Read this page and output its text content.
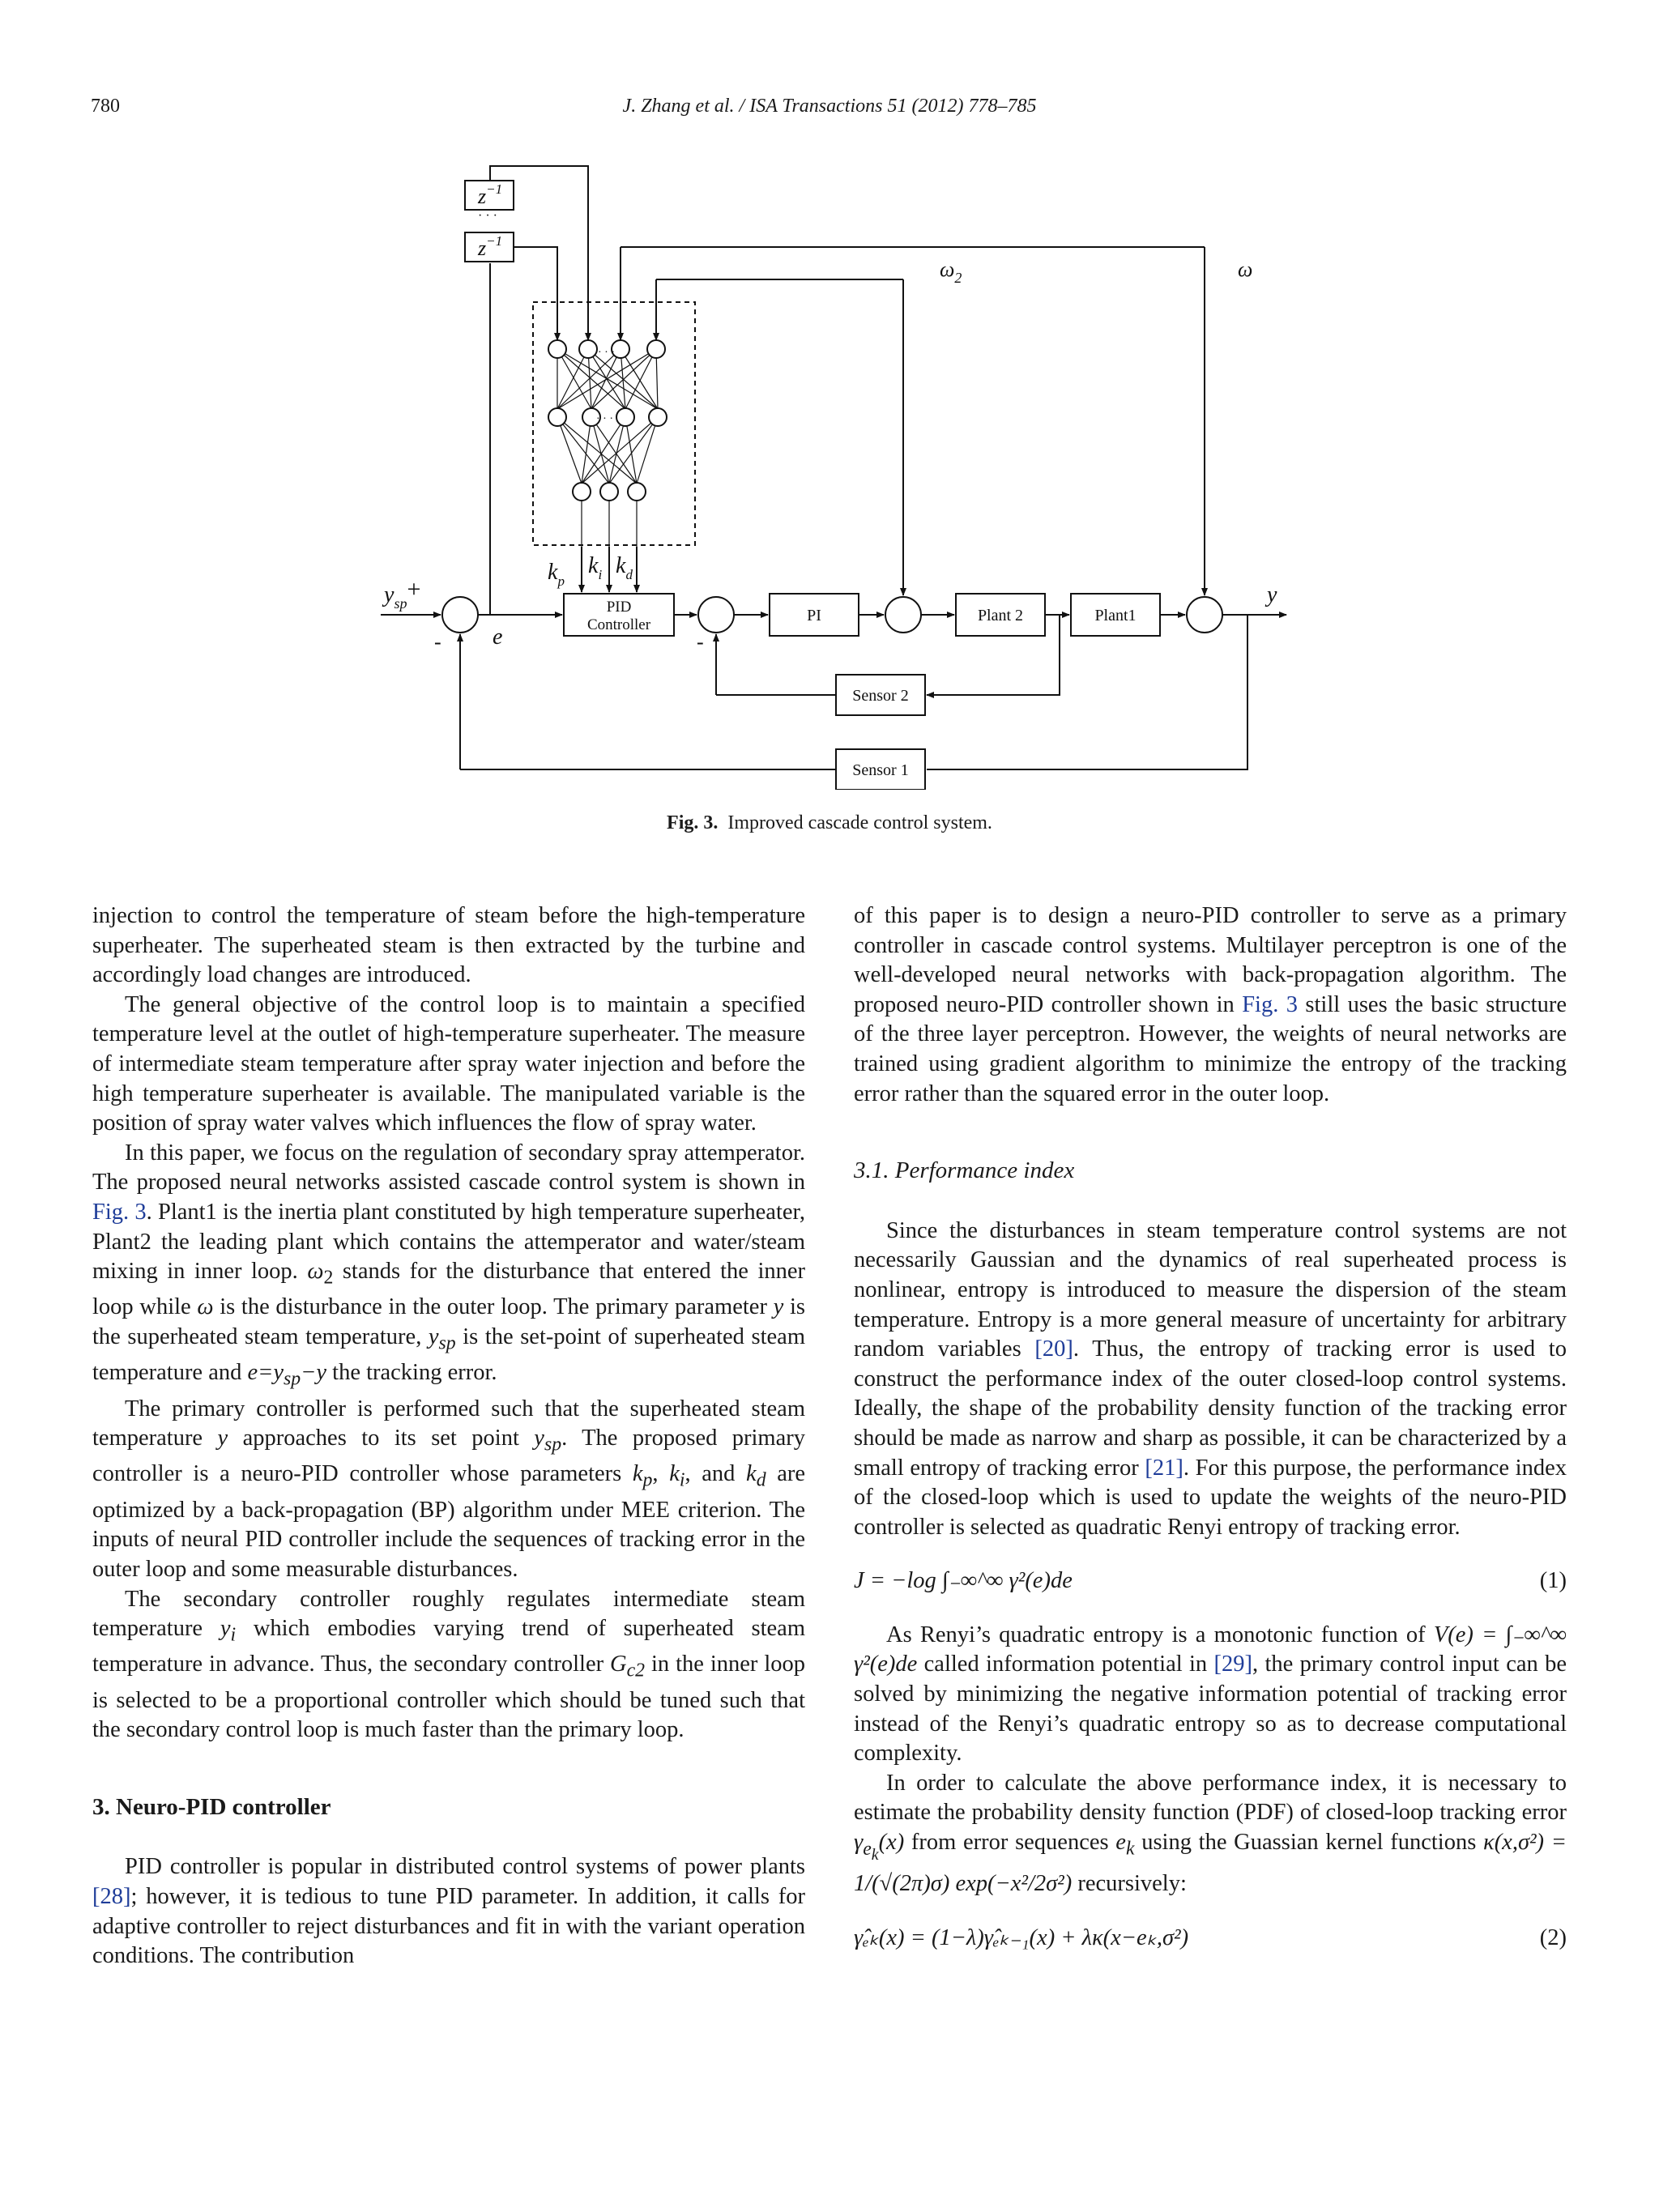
780	J. Zhang et al. / ISA Transactions 51 (2012) 778–785
$z^{-1}$
· · ·
$z^{-1}$
· · ·
· · ·
$\omega_2$	ω
$y_{sp}+$
- e	-
y
$k_p$
$k_i$ $k_d$
PID
Controller
PI	Plant 2	Plant1
Sensor 2
Sensor 1
Fig. 3. Improved cascade control system.

injection to control the temperature of steam before the high-temperature superheater. The superheated steam is then extracted by the turbine and accordingly load changes are introduced.

The general objective of the control loop is to maintain a specified temperature level at the outlet of high-temperature superheater. The measure of intermediate steam temperature after spray water injection and before the high temperature superheater is available. The manipulated variable is the position of spray water valves which influences the flow of spray water.

In this paper, we focus on the regulation of secondary spray attemperator. The proposed neural networks assisted cascade control system is shown in Fig. 3. Plant1 is the inertia plant constituted by high temperature superheater, Plant2 the leading plant which contains the attemperator and water/steam mixing in inner loop. $\omega_2$ stands for the disturbance that entered the inner loop while ω is the disturbance in the outer loop. The primary parameter y is the superheated steam temperature, $y_{sp}$ is the set-point of superheated steam temperature and $e=y_{sp}-y$ the tracking error.

The primary controller is performed such that the superheated steam temperature y approaches to its set point $y_{sp}$. The proposed primary controller is a neuro-PID controller whose parameters $k_p$, $k_i$, and $k_d$ are optimized by a back-propagation (BP) algorithm under MEE criterion. The inputs of neural PID controller include the sequences of tracking error in the outer loop and some measurable disturbances.

The secondary controller roughly regulates intermediate steam temperature $y_i$ which embodies varying trend of superheated steam temperature in advance. Thus, the secondary controller $G_{c2}$ in the inner loop is selected to be a proportional controller which should be tuned such that the secondary control loop is much faster than the primary loop.

3. Neuro-PID controller

PID controller is popular in distributed control systems of power plants [28]; however, it is tedious to tune PID parameter. In addition, it calls for adaptive controller to reject disturbances and fit in with the variant operation conditions. The contribution

of this paper is to design a neuro-PID controller to serve as a primary controller in cascade control systems. Multilayer perceptron is one of the well-developed neural networks with back-propagation algorithm. The proposed neuro-PID controller shown in Fig. 3 still uses the basic structure of the three layer perceptron. However, the weights of neural networks are trained using gradient algorithm to minimize the entropy of the tracking error rather than the squared error in the outer loop.

3.1. Performance index

Since the disturbances in steam temperature control systems are not necessarily Gaussian and the dynamics of real superheated process is nonlinear, entropy is introduced to measure the dispersion of the steam temperature. Entropy is a more general measure of uncertainty for arbitrary random variables [20]. Thus, the entropy of tracking error is used to construct the performance index of the outer closed-loop control systems. Ideally, the shape of the probability density function of the tracking error should be made as narrow and sharp as possible, it can be characterized by a small entropy of tracking error [21]. For this purpose, the performance index of the closed-loop which is used to update the weights of the neuro-PID controller is selected as quadratic Renyi entropy of tracking error.

J = −log ∫₋∞^∞ γ²(e)de	(1)

As Renyi’s quadratic entropy is a monotonic function of V(e) = ∫₋∞^∞ γ²(e)de called information potential in [29], the primary control input can be solved by minimizing the negative information potential of tracking error instead of the Renyi’s quadratic entropy so as to decrease computational complexity.

In order to calculate the above performance index, it is necessary to estimate the probability density function (PDF) of closed-loop tracking error $\gamma_{e_k}(x)$ from error sequences $e_k$ using the Guassian kernel functions κ(x,σ²) = 1/(√(2π)σ) exp(−x²/2σ²) recursively:

γ̂ₑₖ(x) = (1−λ)γ̂ₑₖ₋₁(x) + λκ(x−eₖ,σ²)	(2)
